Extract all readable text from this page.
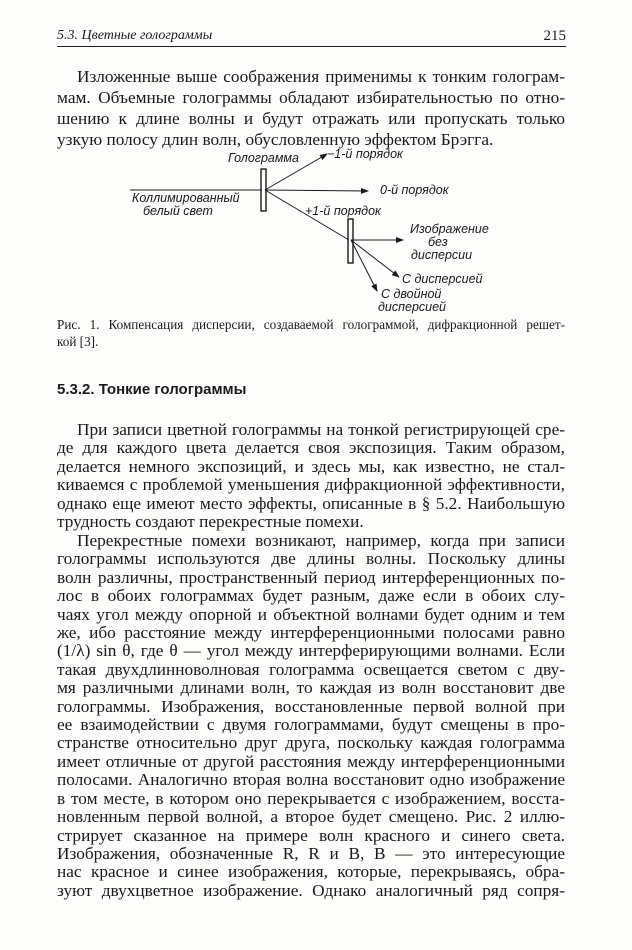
5.3. Цветные голограммы	215
Изложенные выше соображения применимы к тонким голограм-
мам. Объемные голограммы обладают избирательностью по отно-
шению к длине волны и будут отражать или пропускать только
узкую полосу длин волн, обусловленную эффектом Брэгга.
Голограмма −1-й порядок
0-й порядок
Коллимированный
белый свет	+1-й порядок
Изображение
без
дисперсии
С дисперсией
С двойной
дисперсией
Рис. 1. Компенсация дисперсии, создаваемой голограммой, дифракционной решет-
кой [3].
5.3.2. Тонкие голограммы
При записи цветной голограммы на тонкой регистрирующей сре-
де для каждого цвета делается своя экспозиция. Таким образом,
делается немного экспозиций, и здесь мы, как известно, не стал-
киваемся с проблемой уменьшения дифракционной эффективности,
однако еще имеют место эффекты, описанные в § 5.2. Наибольшую
трудность создают перекрестные помехи.
Перекрестные помехи возникают, например, когда при записи
голограммы используются две длины волны. Поскольку длины
волн различны, пространственный период интерференционных по-
лос в обоих голограммах будет разным, даже если в обоих слу-
чаях угол между опорной и объектной волнами будет одним и тем
же, ибо расстояние между интерференционными полосами равно
(1/λ) sin θ, где θ — угол между интерферирующими волнами. Если
такая двухдлинноволновая голограмма освещается светом с дву-
мя различными длинами волн, то каждая из волн восстановит две
голограммы. Изображения, восстановленные первой волной при
ее взаимодействии с двумя голограммами, будут смещены в про-
странстве относительно друг друга, поскольку каждая голограмма
имеет отличные от другой расстояния между интерференционными
полосами. Аналогично вторая волна восстановит одно изображение
в том месте, в котором оно перекрывается с изображением, восста-
новленным первой волной, а второе будет смещено. Рис. 2 иллю-
стрирует сказанное на примере волн красного и синего света.
Изображения, обозначенные R, R и B, B — это интересующие
нас красное и синее изображения, которые, перекрываясь, обра-
зуют двухцветное изображение. Однако аналогичный ряд сопря-
